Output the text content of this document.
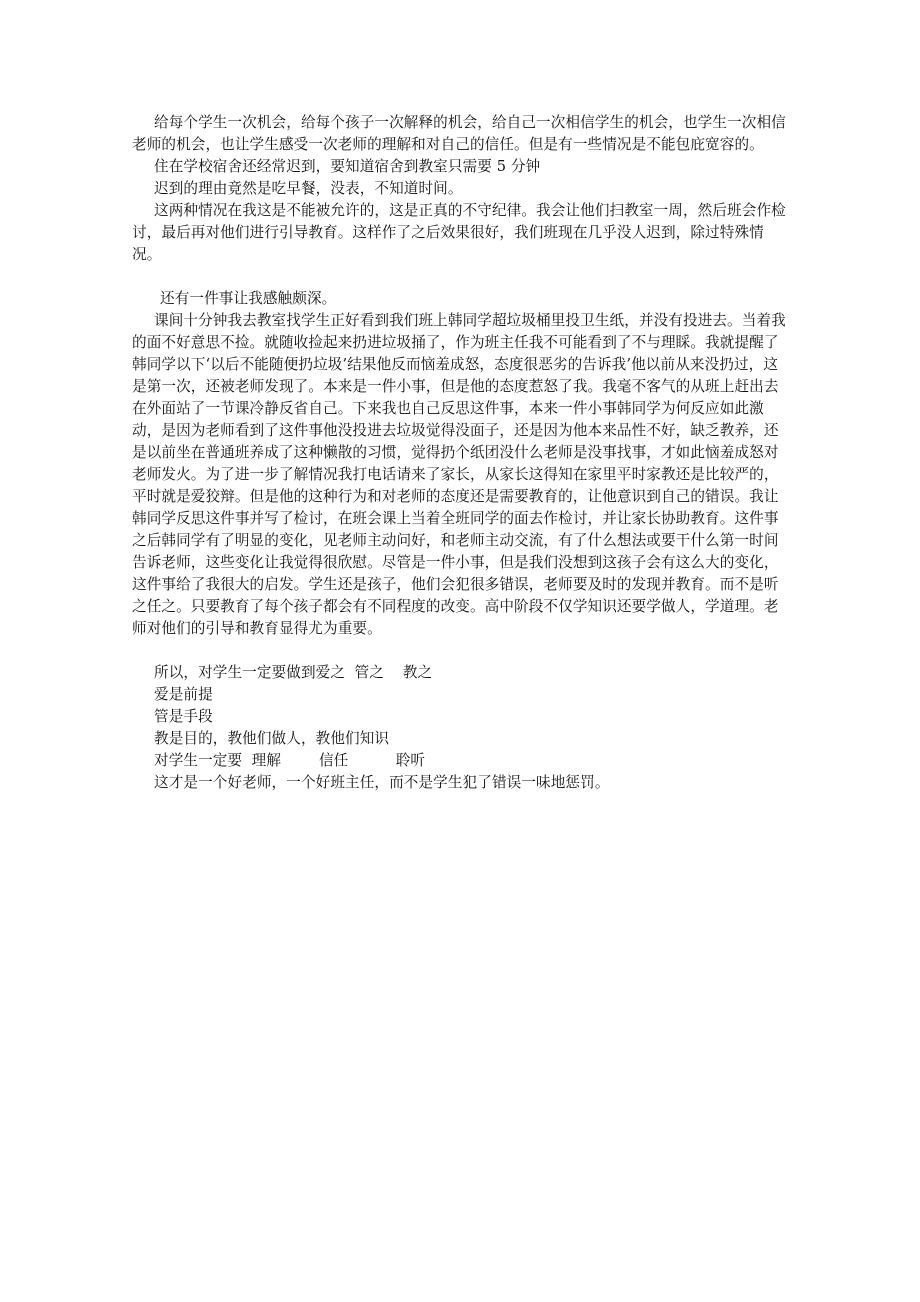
给每个学生一次机会，给每个孩子一次解释的机会，给自己一次相信学生的机会，也学生一次相信老师的机会，也让学生感受一次老师的理解和对自己的信任。但是有一些情况是不能包庇宽容的。

住在学校宿舍还经常迟到，要知道宿舍到教室只需要 5 分钟

迟到的理由竟然是吃早餐，没表，不知道时间。

这两种情况在我这是不能被允许的，这是正真的不守纪律。我会让他们扫教室一周，然后班会作检讨，最后再对他们进行引导教育。这样作了之后效果很好，我们班现在几乎没人迟到，除过特殊情况。

还有一件事让我感触颇深。

课间十分钟我去教室找学生正好看到我们班上韩同学超垃圾桶里投卫生纸，并没有投进去。当着我的面不好意思不捡。就随收捡起来扔进垃圾捅了，作为班主任我不可能看到了不与理睬。我就提醒了韩同学以下‘以后不能随便扔垃圾’结果他反而恼羞成怒，态度很恶劣的告诉我’他以前从来没扔过，这是第一次，还被老师发现了。本来是一件小事，但是他的态度惹怒了我。我毫不客气的从班上赶出去在外面站了一节课冷静反省自己。下来我也自己反思这件事，本来一件小事韩同学为何反应如此激动，是因为老师看到了这件事他没投进去垃圾觉得没面子，还是因为他本来品性不好，缺乏教养，还是以前坐在普通班养成了这种懒散的习惯，觉得扔个纸团没什么老师是没事找事，才如此恼羞成怒对老师发火。为了进一步了解情况我打电话请来了家长，从家长这得知在家里平时家教还是比较严的，平时就是爱狡辩。但是他的这种行为和对老师的态度还是需要教育的，让他意识到自己的错误。我让韩同学反思这件事并写了检讨，在班会课上当着全班同学的面去作检讨，并让家长协助教育。这件事之后韩同学有了明显的变化，见老师主动问好，和老师主动交流，有了什么想法或要干什么第一时间告诉老师，这些变化让我觉得很欣慰。尽管是一件小事，但是我们没想到这孩子会有这么大的变化，这件事给了我很大的启发。学生还是孩子，他们会犯很多错误，老师要及时的发现并教育。而不是听之任之。只要教育了每个孩子都会有不同程度的改变。高中阶段不仅学知识还要学做人，学道理。老师对他们的引导和教育显得尤为重要。

所以，对学生一定要做到爱之  管之    教之

爱是前提

管是手段

教是目的，教他们做人，教他们知识

对学生一定要  理解        信任          聆听

这才是一个好老师，一个好班主任，而不是学生犯了错误一味地惩罚。
